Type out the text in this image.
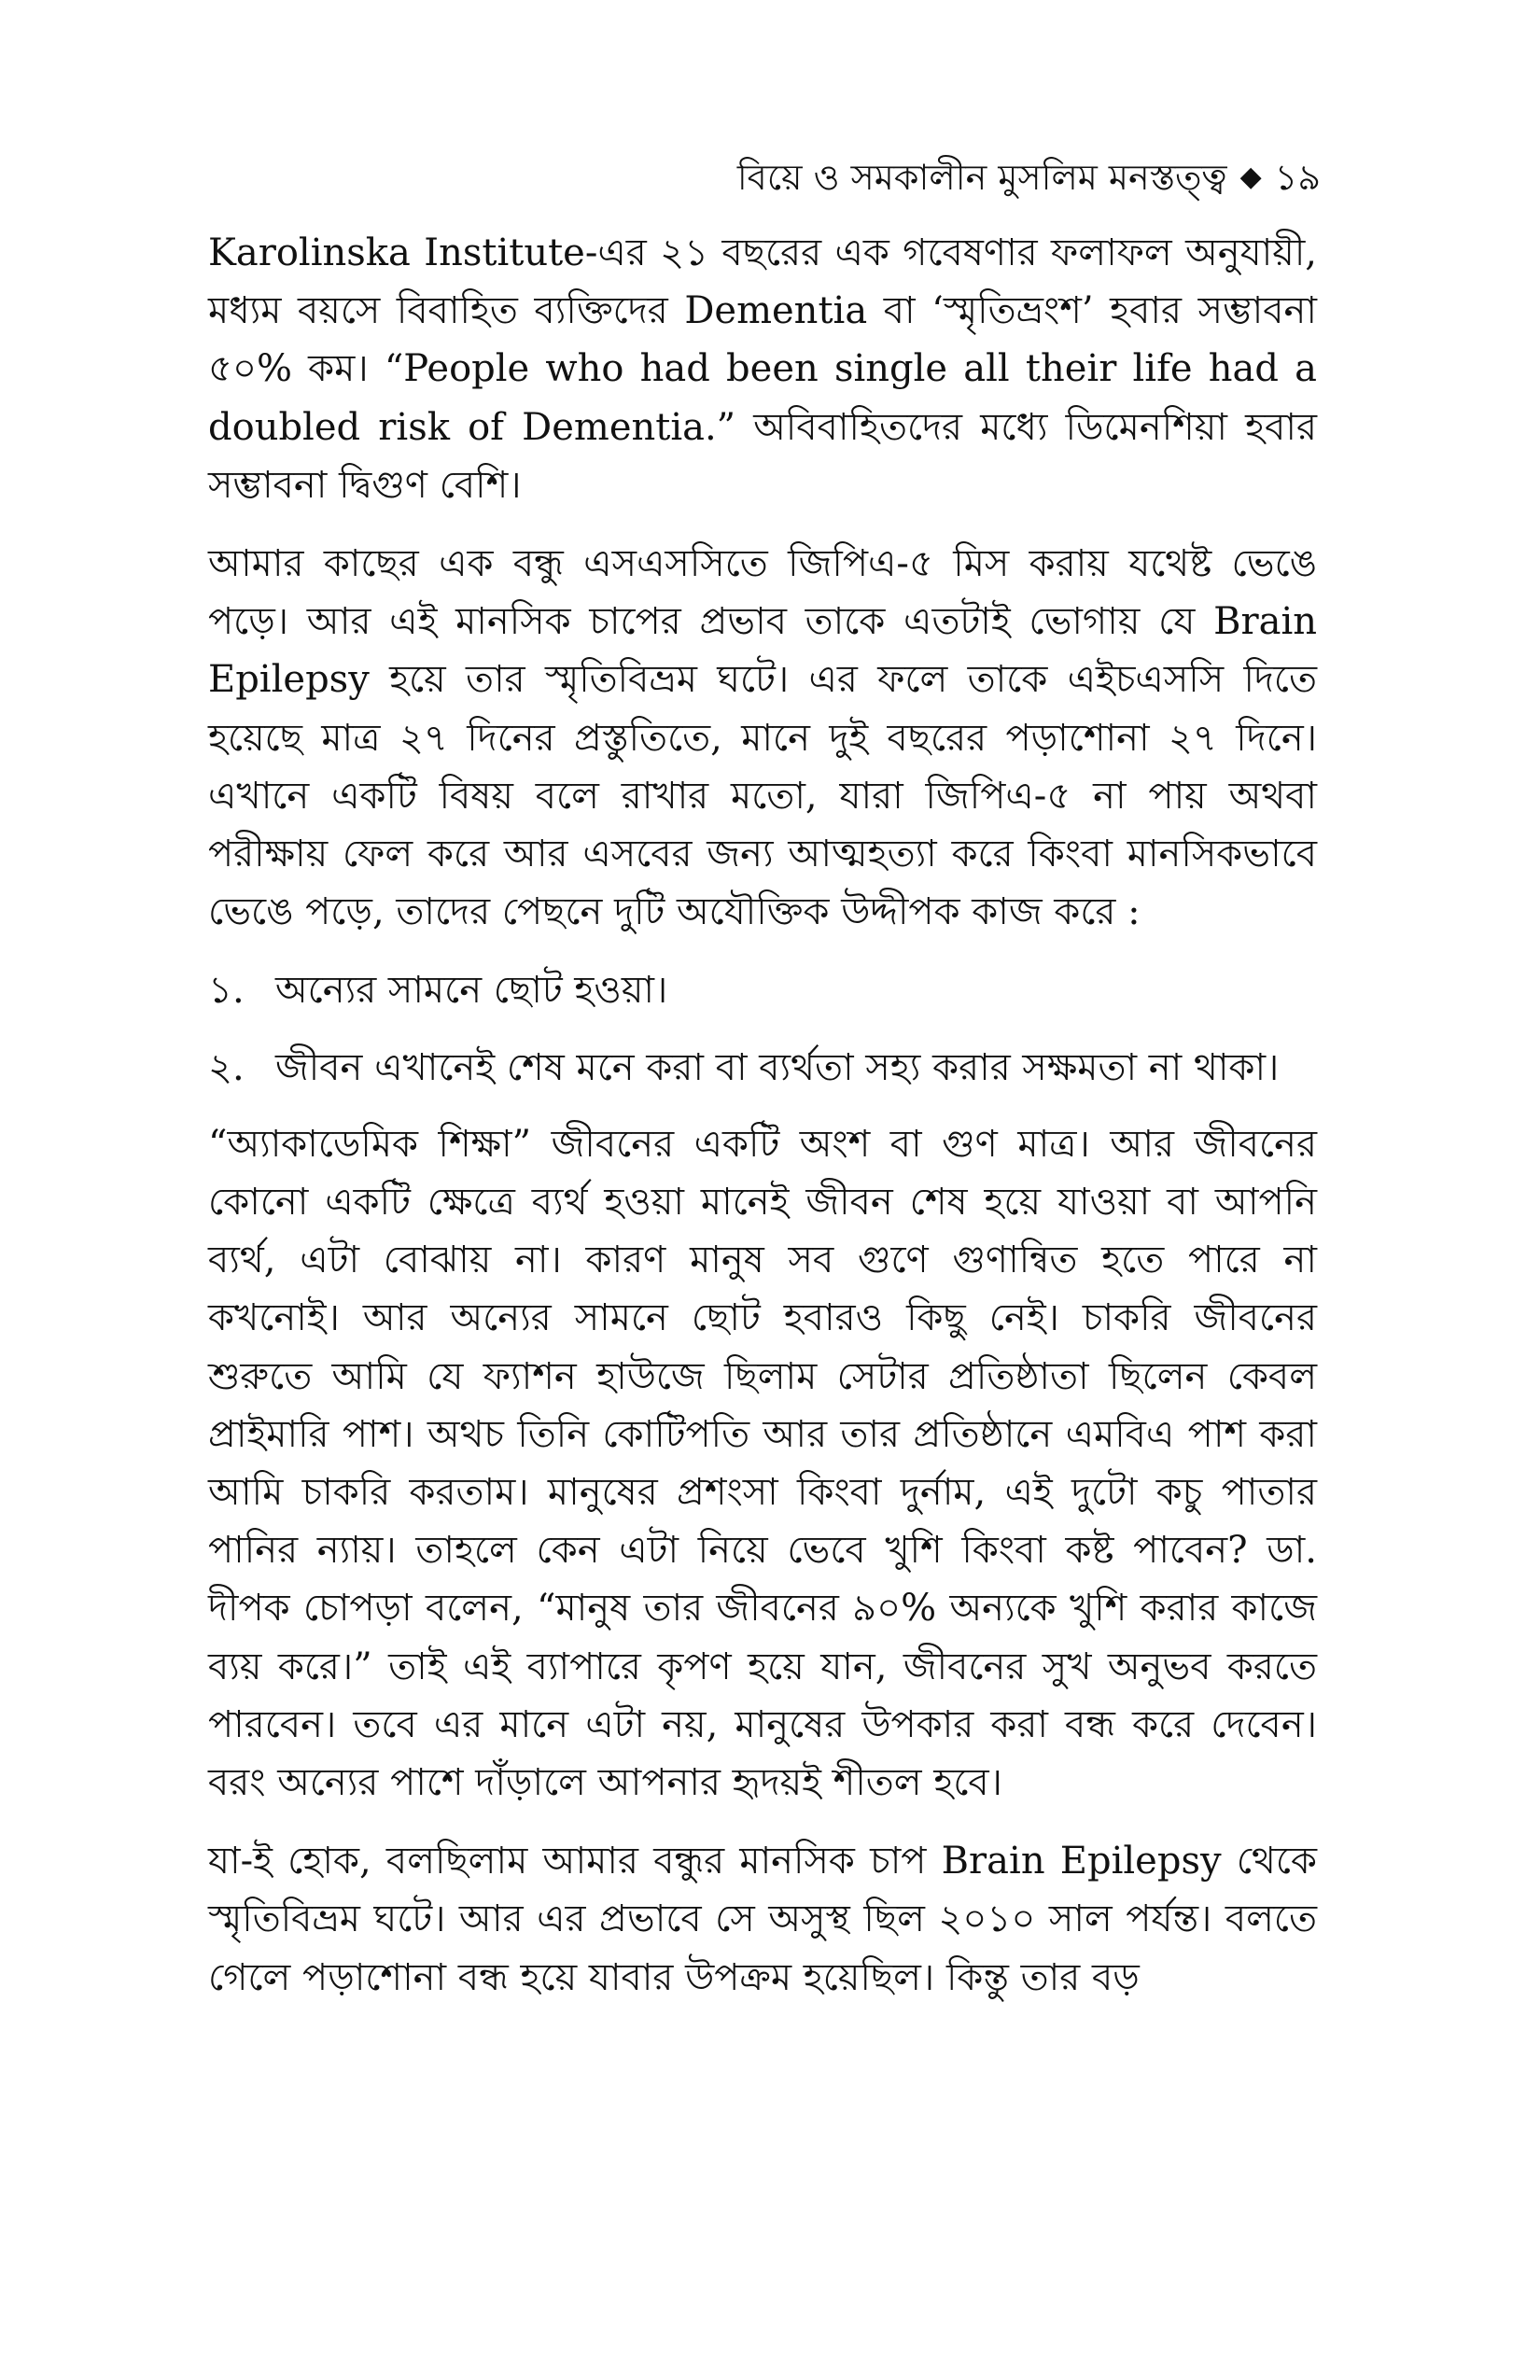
বিয়ে ও সমকালীন মুসলিম মনস্তত্ত্ব ◆ ১৯

Karolinska Institute-এর ২১ বছরের এক গবেষণার ফলাফল অনুযায়ী, মধ্যম বয়সে বিবাহিত ব্যক্তিদের Dementia বা ‘স্মৃতিভ্রংশ’ হবার সম্ভাবনা ৫০% কম। “People who had been single all their life had a doubled risk of Dementia.” অবিবাহিতদের মধ্যে ডিমেনশিয়া হবার সম্ভাবনা দ্বিগুণ বেশি।

আমার কাছের এক বন্ধু এসএসসিতে জিপিএ-৫ মিস করায় যথেষ্ট ভেঙে পড়ে। আর এই মানসিক চাপের প্রভাব তাকে এতটাই ভোগায় যে Brain Epilepsy হয়ে তার স্মৃতিবিভ্রম ঘটে। এর ফলে তাকে এইচএসসি দিতে হয়েছে মাত্র ২৭ দিনের প্রস্তুতিতে, মানে দুই বছরের পড়াশোনা ২৭ দিনে। এখানে একটি বিষয় বলে রাখার মতো, যারা জিপিএ-৫ না পায় অথবা পরীক্ষায় ফেল করে আর এসবের জন্য আত্মহত্যা করে কিংবা মানসিকভাবে ভেঙে পড়ে, তাদের পেছনে দুটি অযৌক্তিক উদ্দীপক কাজ করে :

১. অন্যের সামনে ছোট হওয়া।
২. জীবন এখানেই শেষ মনে করা বা ব্যর্থতা সহ্য করার সক্ষমতা না থাকা।

“অ্যাকাডেমিক শিক্ষা” জীবনের একটি অংশ বা গুণ মাত্র। আর জীবনের কোনো একটি ক্ষেত্রে ব্যর্থ হওয়া মানেই জীবন শেষ হয়ে যাওয়া বা আপনি ব্যর্থ, এটা বোঝায় না। কারণ মানুষ সব গুণে গুণান্বিত হতে পারে না কখনোই। আর অন্যের সামনে ছোট হবারও কিছু নেই। চাকরি জীবনের শুরুতে আমি যে ফ্যাশন হাউজে ছিলাম সেটার প্রতিষ্ঠাতা ছিলেন কেবল প্রাইমারি পাশ। অথচ তিনি কোটিপতি আর তার প্রতিষ্ঠানে এমবিএ পাশ করা আমি চাকরি করতাম। মানুষের প্রশংসা কিংবা দুর্নাম, এই দুটো কচু পাতার পানির ন্যায়। তাহলে কেন এটা নিয়ে ভেবে খুশি কিংবা কষ্ট পাবেন? ডা. দীপক চোপড়া বলেন, “মানুষ তার জীবনের ৯০% অন্যকে খুশি করার কাজে ব্যয় করে।” তাই এই ব্যাপারে কৃপণ হয়ে যান, জীবনের সুখ অনুভব করতে পারবেন। তবে এর মানে এটা নয়, মানুষের উপকার করা বন্ধ করে দেবেন। বরং অন্যের পাশে দাঁড়ালে আপনার হৃদয়ই শীতল হবে।

যা-ই হোক, বলছিলাম আমার বন্ধুর মানসিক চাপ Brain Epilepsy থেকে স্মৃতিবিভ্রম ঘটে। আর এর প্রভাবে সে অসুস্থ ছিল ২০১০ সাল পর্যন্ত। বলতে গেলে পড়াশোনা বন্ধ হয়ে যাবার উপক্রম হয়েছিল। কিন্তু তার বড়
